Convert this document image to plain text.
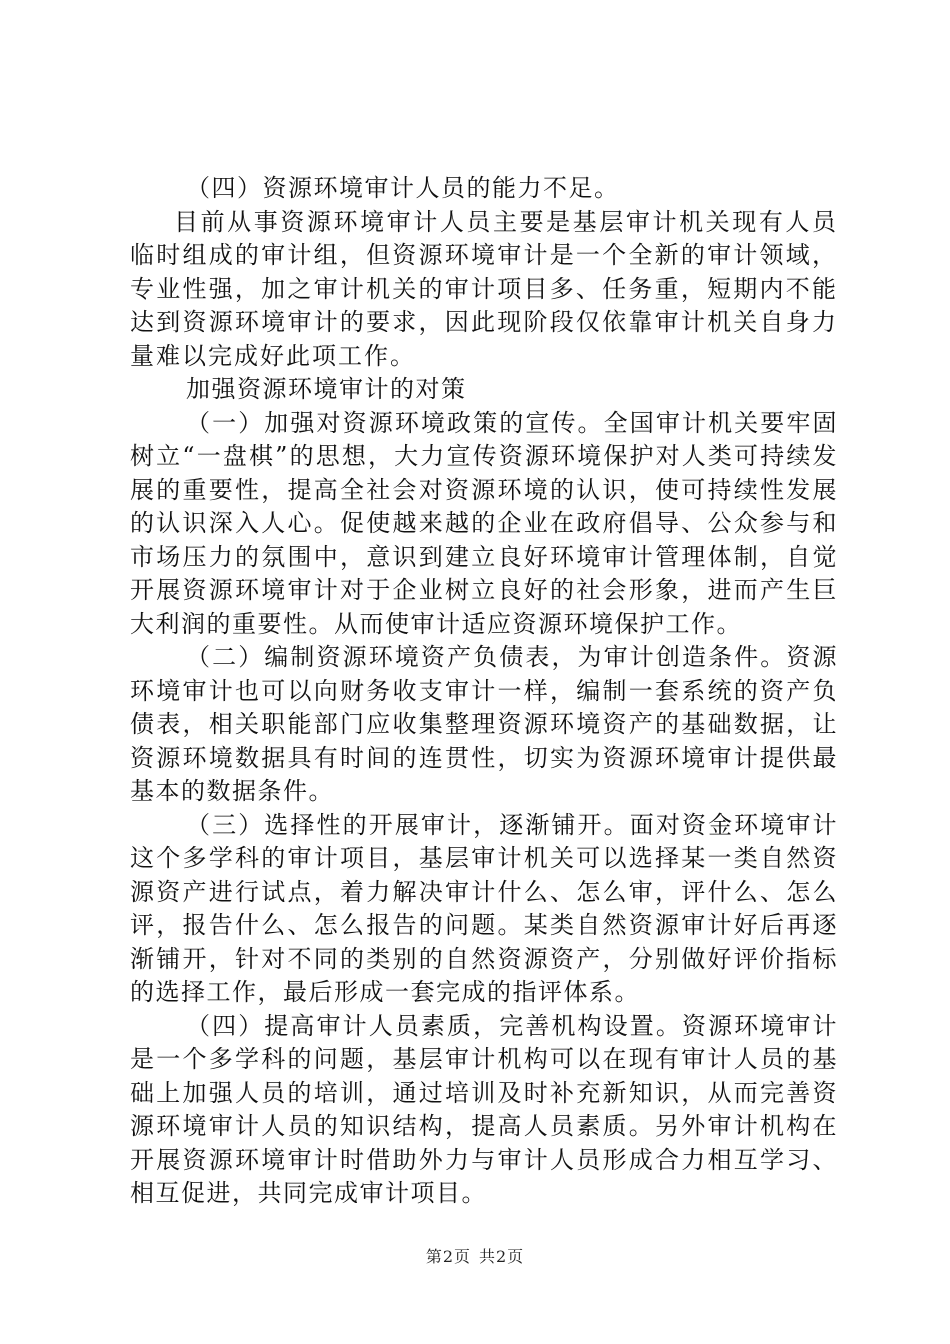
（四）资源环境审计人员的能力不足。

目前从事资源环境审计人员主要是基层审计机关现有人员临时组成的审计组，但资源环境审计是一个全新的审计领域，专业性强，加之审计机关的审计项目多、任务重，短期内不能达到资源环境审计的要求，因此现阶段仅依靠审计机关自身力量难以完成好此项工作。

加强资源环境审计的对策

（一）加强对资源环境政策的宣传。全国审计机关要牢固树立“一盘棋”的思想，大力宣传资源环境保护对人类可持续发展的重要性，提高全社会对资源环境的认识，使可持续性发展的认识深入人心。促使越来越的企业在政府倡导、公众参与和市场压力的氛围中，意识到建立良好环境审计管理体制，自觉开展资源环境审计对于企业树立良好的社会形象，进而产生巨大利润的重要性。从而使审计适应资源环境保护工作。

（二）编制资源环境资产负债表，为审计创造条件。资源环境审计也可以向财务收支审计一样，编制一套系统的资产负债表，相关职能部门应收集整理资源环境资产的基础数据，让资源环境数据具有时间的连贯性，切实为资源环境审计提供最基本的数据条件。

（三）选择性的开展审计，逐渐铺开。面对资金环境审计这个多学科的审计项目，基层审计机关可以选择某一类自然资源资产进行试点，着力解决审计什么、怎么审，评什么、怎么评，报告什么、怎么报告的问题。某类自然资源审计好后再逐渐铺开，针对不同的类别的自然资源资产，分别做好评价指标的选择工作，最后形成一套完成的指评体系。

（四）提高审计人员素质，完善机构设置。资源环境审计是一个多学科的问题，基层审计机构可以在现有审计人员的基础上加强人员的培训，通过培训及时补充新知识，从而完善资源环境审计人员的知识结构，提高人员素质。另外审计机构在开展资源环境审计时借助外力与审计人员形成合力相互学习、相互促进，共同完成审计项目。

第2页 共2页
